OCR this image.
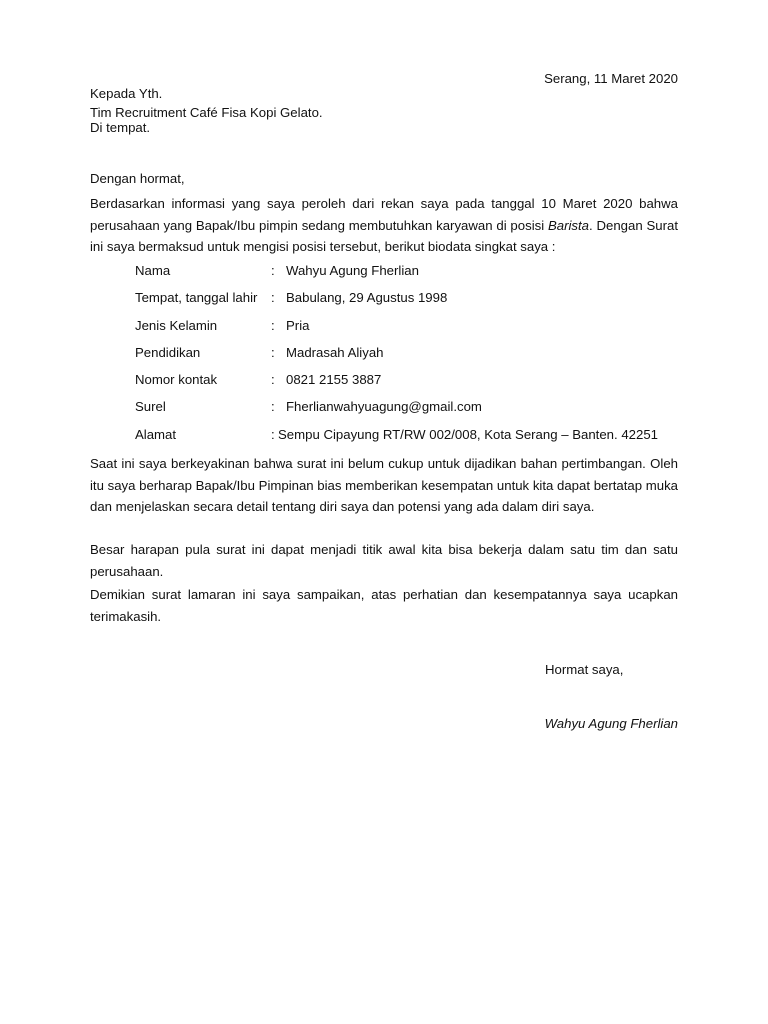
Serang, 11 Maret 2020
Kepada Yth.
Tim Recruitment Café Fisa Kopi Gelato.
Di tempat.
Dengan hormat,
Berdasarkan informasi yang saya peroleh dari rekan saya pada tanggal 10 Maret 2020 bahwa perusahaan yang Bapak/Ibu pimpin sedang membutuhkan karyawan di posisi Barista. Dengan Surat ini saya bermaksud untuk mengisi posisi tersebut, berikut biodata singkat saya :
Nama	: Wahyu Agung Fherlian
Tempat, tanggal lahir : Babulang, 29 Agustus 1998
Jenis Kelamin	: Pria
Pendidikan	: Madrasah Aliyah
Nomor kontak	: 0821 2155 3887
Surel	: Fherlianwahyuagung@gmail.com
Alamat	: Sempu Cipayung RT/RW 002/008, Kota Serang – Banten. 42251
Saat ini saya berkeyakinan bahwa surat ini belum cukup untuk dijadikan bahan pertimbangan. Oleh itu saya berharap Bapak/Ibu Pimpinan bias memberikan kesempatan untuk kita dapat bertatap muka dan menjelaskan secara detail tentang diri saya dan potensi yang ada dalam diri saya.
Besar harapan pula surat ini dapat menjadi titik awal kita bisa bekerja dalam satu tim dan satu perusahaan.
Demikian surat lamaran ini saya sampaikan, atas perhatian dan kesempatannya saya ucapkan terimakasih.
Hormat saya,
Wahyu Agung Fherlian
